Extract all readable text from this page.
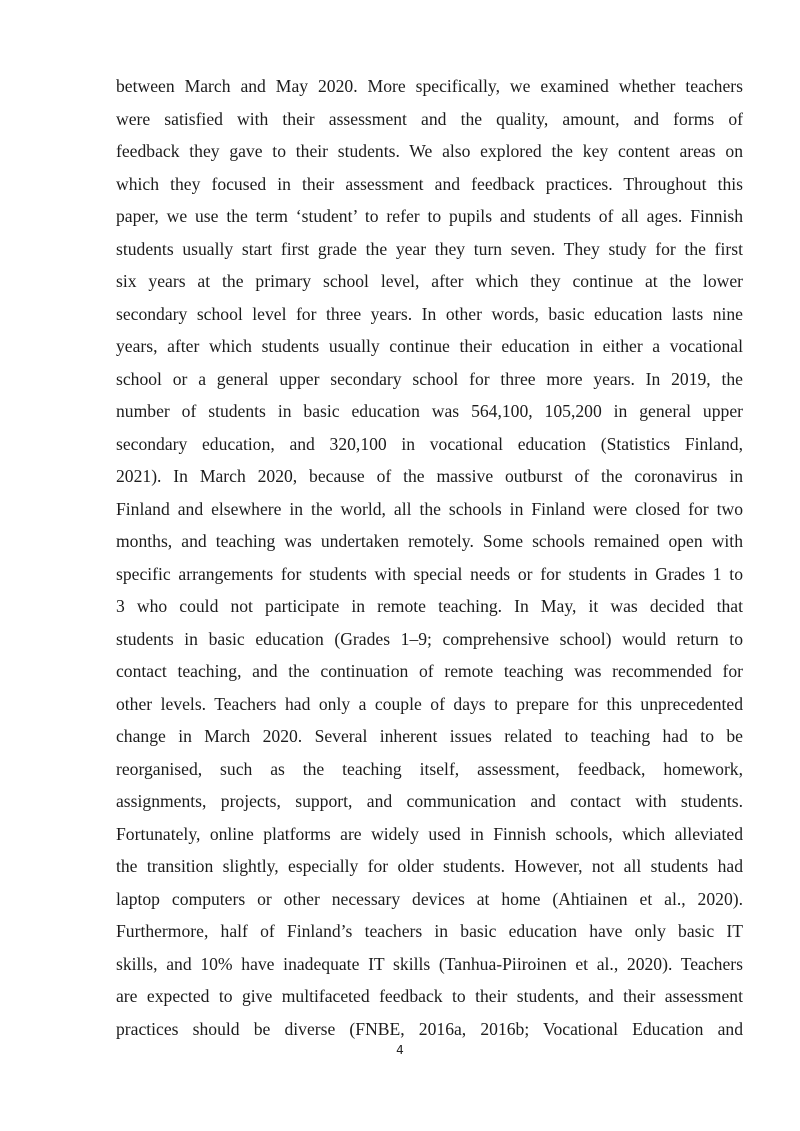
between March and May 2020. More specifically, we examined whether teachers
were satisfied with their assessment and the quality, amount, and forms of
feedback they gave to their students. We also explored the key content areas on
which they focused in their assessment and feedback practices. Throughout this
paper, we use the term ‘student’ to refer to pupils and students of all ages. Finnish
students usually start first grade the year they turn seven. They study for the first
six years at the primary school level, after which they continue at the lower
secondary school level for three years. In other words, basic education lasts nine
years, after which students usually continue their education in either a vocational
school or a general upper secondary school for three more years. In 2019, the
number of students in basic education was 564,100, 105,200 in general upper
secondary education, and 320,100 in vocational education (Statistics Finland,
2021). In March 2020, because of the massive outburst of the coronavirus in
Finland and elsewhere in the world, all the schools in Finland were closed for two
months, and teaching was undertaken remotely. Some schools remained open with
specific arrangements for students with special needs or for students in Grades 1 to
3 who could not participate in remote teaching. In May, it was decided that
students in basic education (Grades 1–9; comprehensive school) would return to
contact teaching, and the continuation of remote teaching was recommended for
other levels. Teachers had only a couple of days to prepare for this unprecedented
change in March 2020. Several inherent issues related to teaching had to be
reorganised, such as the teaching itself, assessment, feedback, homework,
assignments, projects, support, and communication and contact with students.
Fortunately, online platforms are widely used in Finnish schools, which alleviated
the transition slightly, especially for older students. However, not all students had
laptop computers or other necessary devices at home (Ahtiainen et al., 2020).
Furthermore, half of Finland’s teachers in basic education have only basic IT
skills, and 10% have inadequate IT skills (Tanhua-Piiroinen et al., 2020). Teachers
are expected to give multifaceted feedback to their students, and their assessment
practices should be diverse (FNBE, 2016a, 2016b; Vocational Education and
4
